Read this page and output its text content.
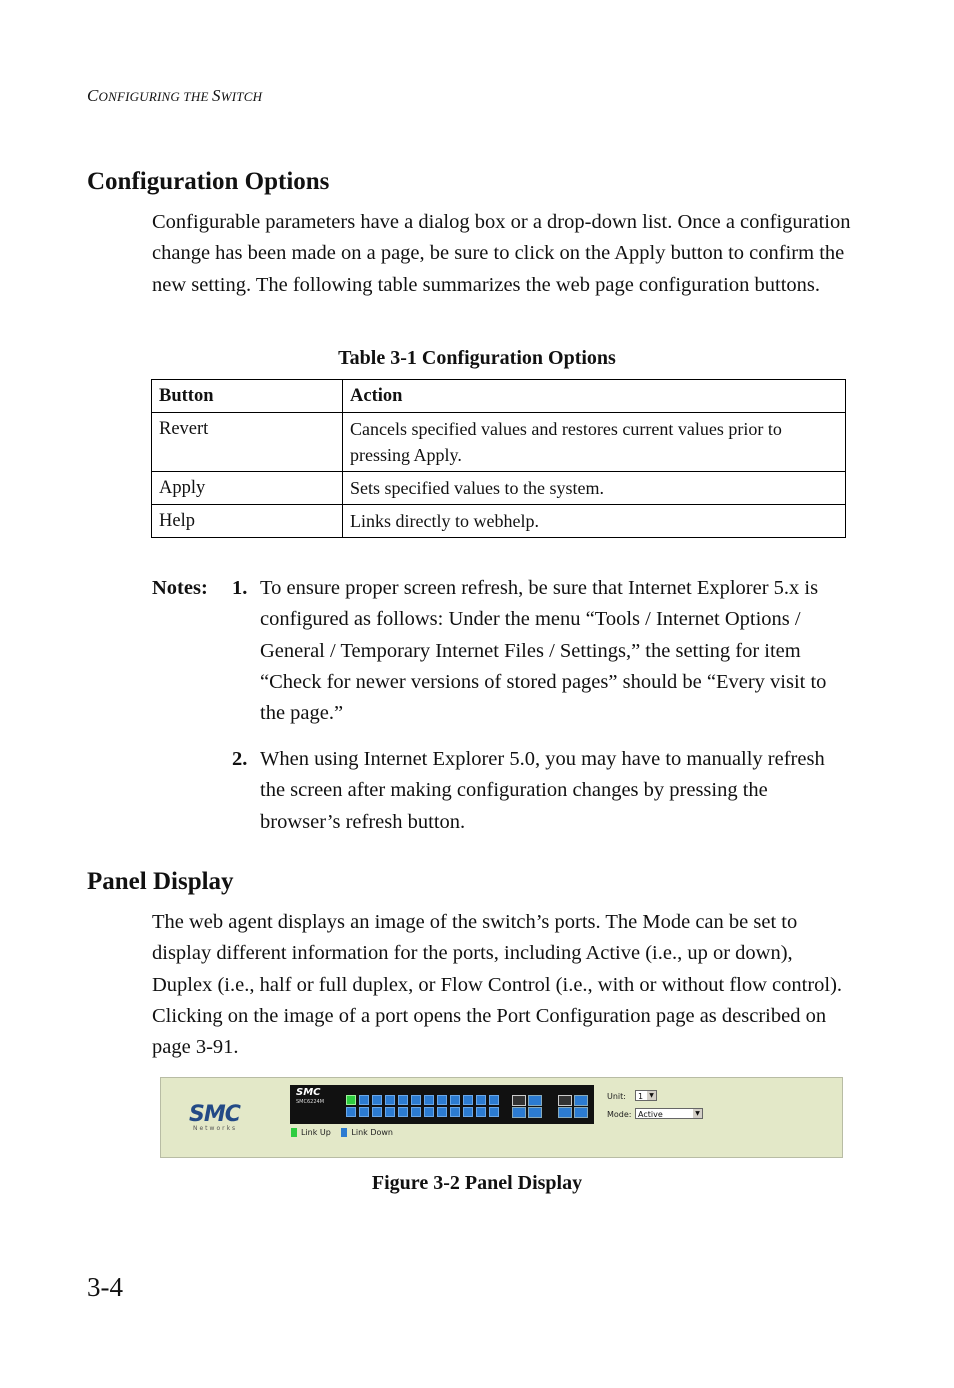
CONFIGURING THE SWITCH
Configuration Options

Configurable parameters have a dialog box or a drop-down list. Once a configuration change has been made on a page, be sure to click on the Apply button to confirm the new setting. The following table summarizes the web page configuration buttons.

Table 3-1 Configuration Options
Button	Action
Revert	Cancels specified values and restores current values prior to pressing Apply.
Apply	Sets specified values to the system.
Help	Links directly to webhelp.
Notes: 1. To ensure proper screen refresh, be sure that Internet Explorer 5.x is configured as follows: Under the menu “Tools / Internet Options / General / Temporary Internet Files / Settings,” the setting for item “Check for newer versions of stored pages” should be “Every visit to the page.”
2. When using Internet Explorer 5.0, you may have to manually refresh the screen after making configuration changes by pressing the browser’s refresh button.
Panel Display

The web agent displays an image of the switch’s ports. The Mode can be set to display different information for the ports, including Active (i.e., up or down), Duplex (i.e., half or full duplex, or Flow Control (i.e., with or without flow control). Clicking on the image of a port opens the Port Configuration page as described on page 3-91.

SMC
Networks
SMC
SMC6224M
Link Up	Link Down
Unit:	1	▼
Mode: Active	▼
Figure 3-2 Panel Display
3-4
